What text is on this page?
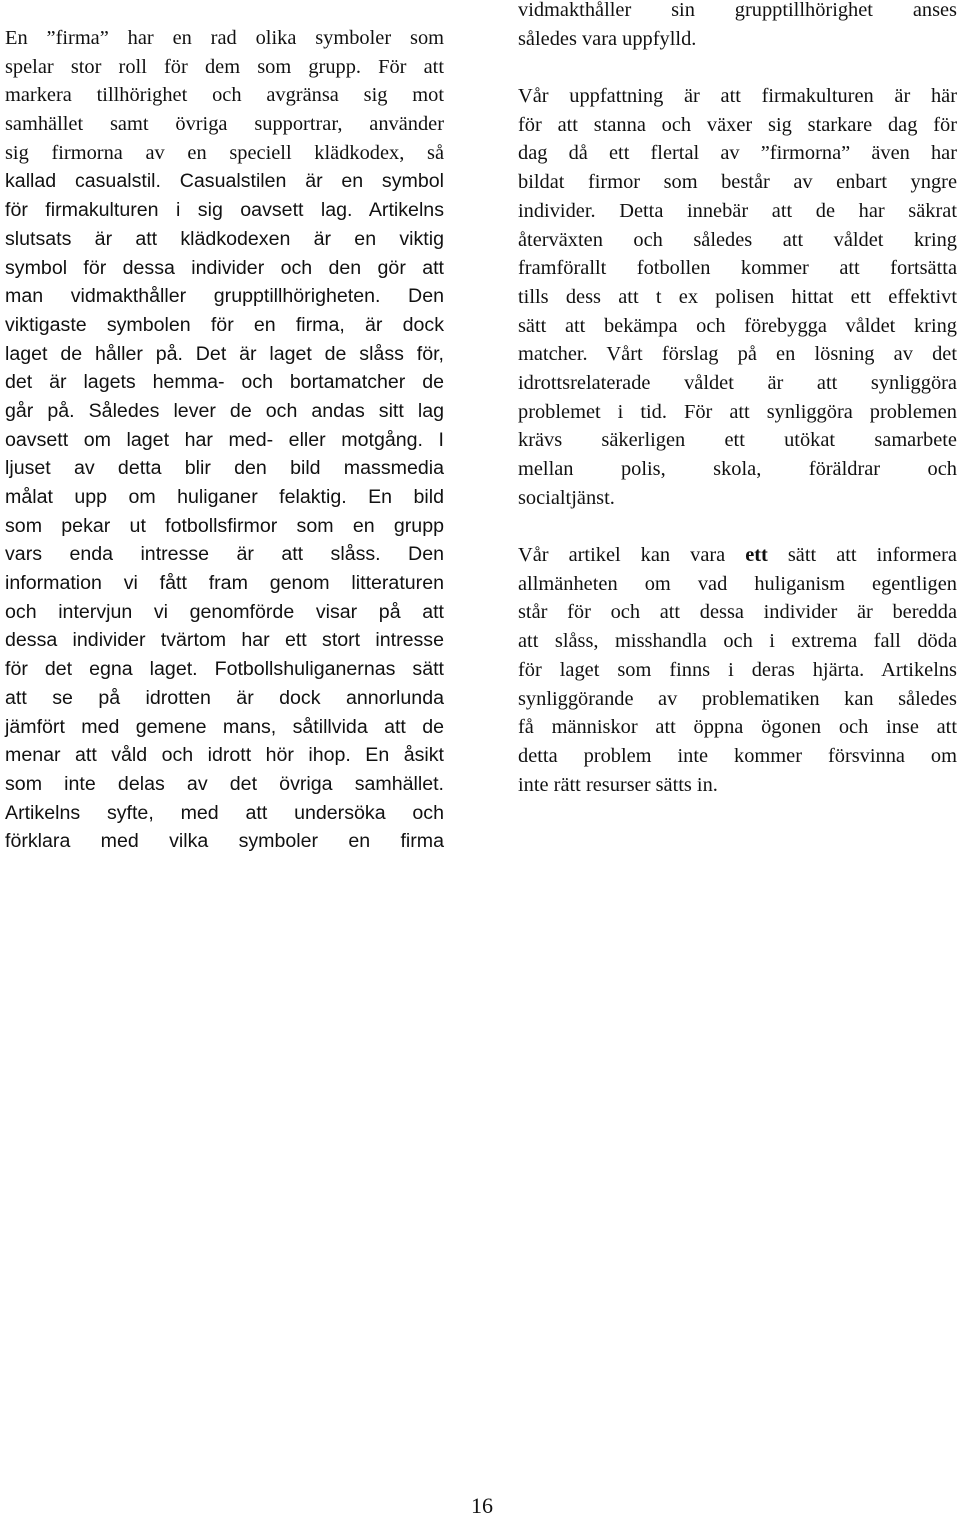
En ”firma” har en rad olika symboler som
spelar stor roll för dem som grupp. För att
markera tillhörighet och avgränsa sig mot
samhället samt övriga supportrar, använder
sig firmorna av en speciell klädkodex, så
kallad casualstil. Casualstilen är en symbol
för firmakulturen i sig oavsett lag. Artikelns
slutsats är att klädkodexen är en viktig
symbol för dessa individer och den gör att
man vidmakthåller grupptillhörigheten. Den
viktigaste symbolen för en firma, är dock
laget de håller på. Det är laget de slåss för,
det är lagets hemma- och bortamatcher de
går på. Således lever de och andas sitt lag
oavsett om laget har med- eller motgång. I
ljuset av detta blir den bild massmedia
målat upp om huliganer felaktig. En bild
som pekar ut fotbollsfirmor som en grupp
vars enda intresse är att slåss. Den
information vi fått fram genom litteraturen
och intervjun vi genomförde visar på att
dessa individer tvärtom har ett stort intresse
för det egna laget. Fotbollshuliganernas sätt
att se på idrotten är dock annorlunda
jämfört med gemene mans, såtillvida att de
menar att våld och idrott hör ihop. En åsikt
som inte delas av det övriga samhället.
Artikelns syfte, med att undersöka och
förklara med vilka symboler en firma
vidmakthåller sin grupptillhörighet anses
således vara uppfylld.
Vår uppfattning är att firmakulturen är här
för att stanna och växer sig starkare dag för
dag då ett flertal av ”firmorna” även har
bildat firmor som består av enbart yngre
individer. Detta innebär att de har säkrat
återväxten och således att våldet kring
framförallt fotbollen kommer att fortsätta
tills dess att t ex polisen hittat ett effektivt
sätt att bekämpa och förebygga våldet kring
matcher. Vårt förslag på en lösning av det
idrottsrelaterade våldet är att synliggöra
problemet i tid. För att synliggöra problemen
krävs säkerligen ett utökat samarbete
mellan polis, skola, föräldrar och
socialtjänst.
Vår artikel kan vara ett sätt att informera
allmänheten om vad huliganism egentligen
står för och att dessa individer är beredda
att slåss, misshandla och i extrema fall döda
för laget som finns i deras hjärta. Artikelns
synliggörande av problematiken kan således
få människor att öppna ögonen och inse att
detta problem inte kommer försvinna om
inte rätt resurser sätts in.
16
